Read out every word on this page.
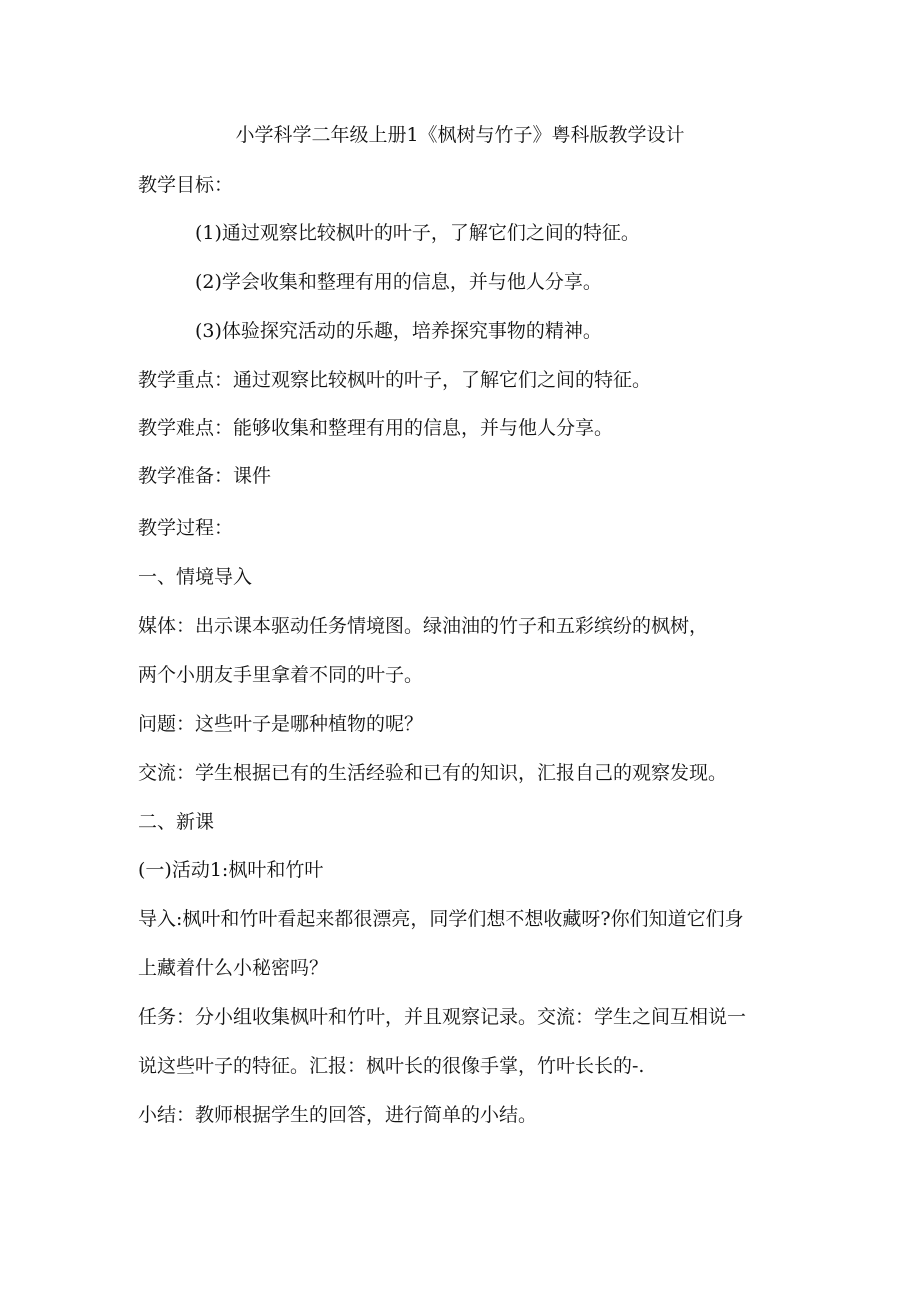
小学科学二年级上册1《枫树与竹子》粤科版教学设计

教学目标：

(1)通过观察比较枫叶的叶子，了解它们之间的特征。

(2)学会收集和整理有用的信息，并与他人分享。

(3)体验探究活动的乐趣，培养探究事物的精神。

教学重点：通过观察比较枫叶的叶子，了解它们之间的特征。

教学难点：能够收集和整理有用的信息，并与他人分享。

教学准备：课件

教学过程：

一、情境导入

媒体：出示课本驱动任务情境图。绿油油的竹子和五彩缤纷的枫树，

两个小朋友手里拿着不同的叶子。

问题：这些叶子是哪种植物的呢？

交流：学生根据已有的生活经验和已有的知识，汇报自己的观察发现。

二、新课

(一)活动1:枫叶和竹叶

导入:枫叶和竹叶看起来都很漂亮，同学们想不想收藏呀?你们知道它们身

上藏着什么小秘密吗？

任务：分小组收集枫叶和竹叶，并且观察记录。交流：学生之间互相说一

说这些叶子的特征。汇报：枫叶长的很像手掌，竹叶长长的-.

小结：教师根据学生的回答，进行简单的小结。
